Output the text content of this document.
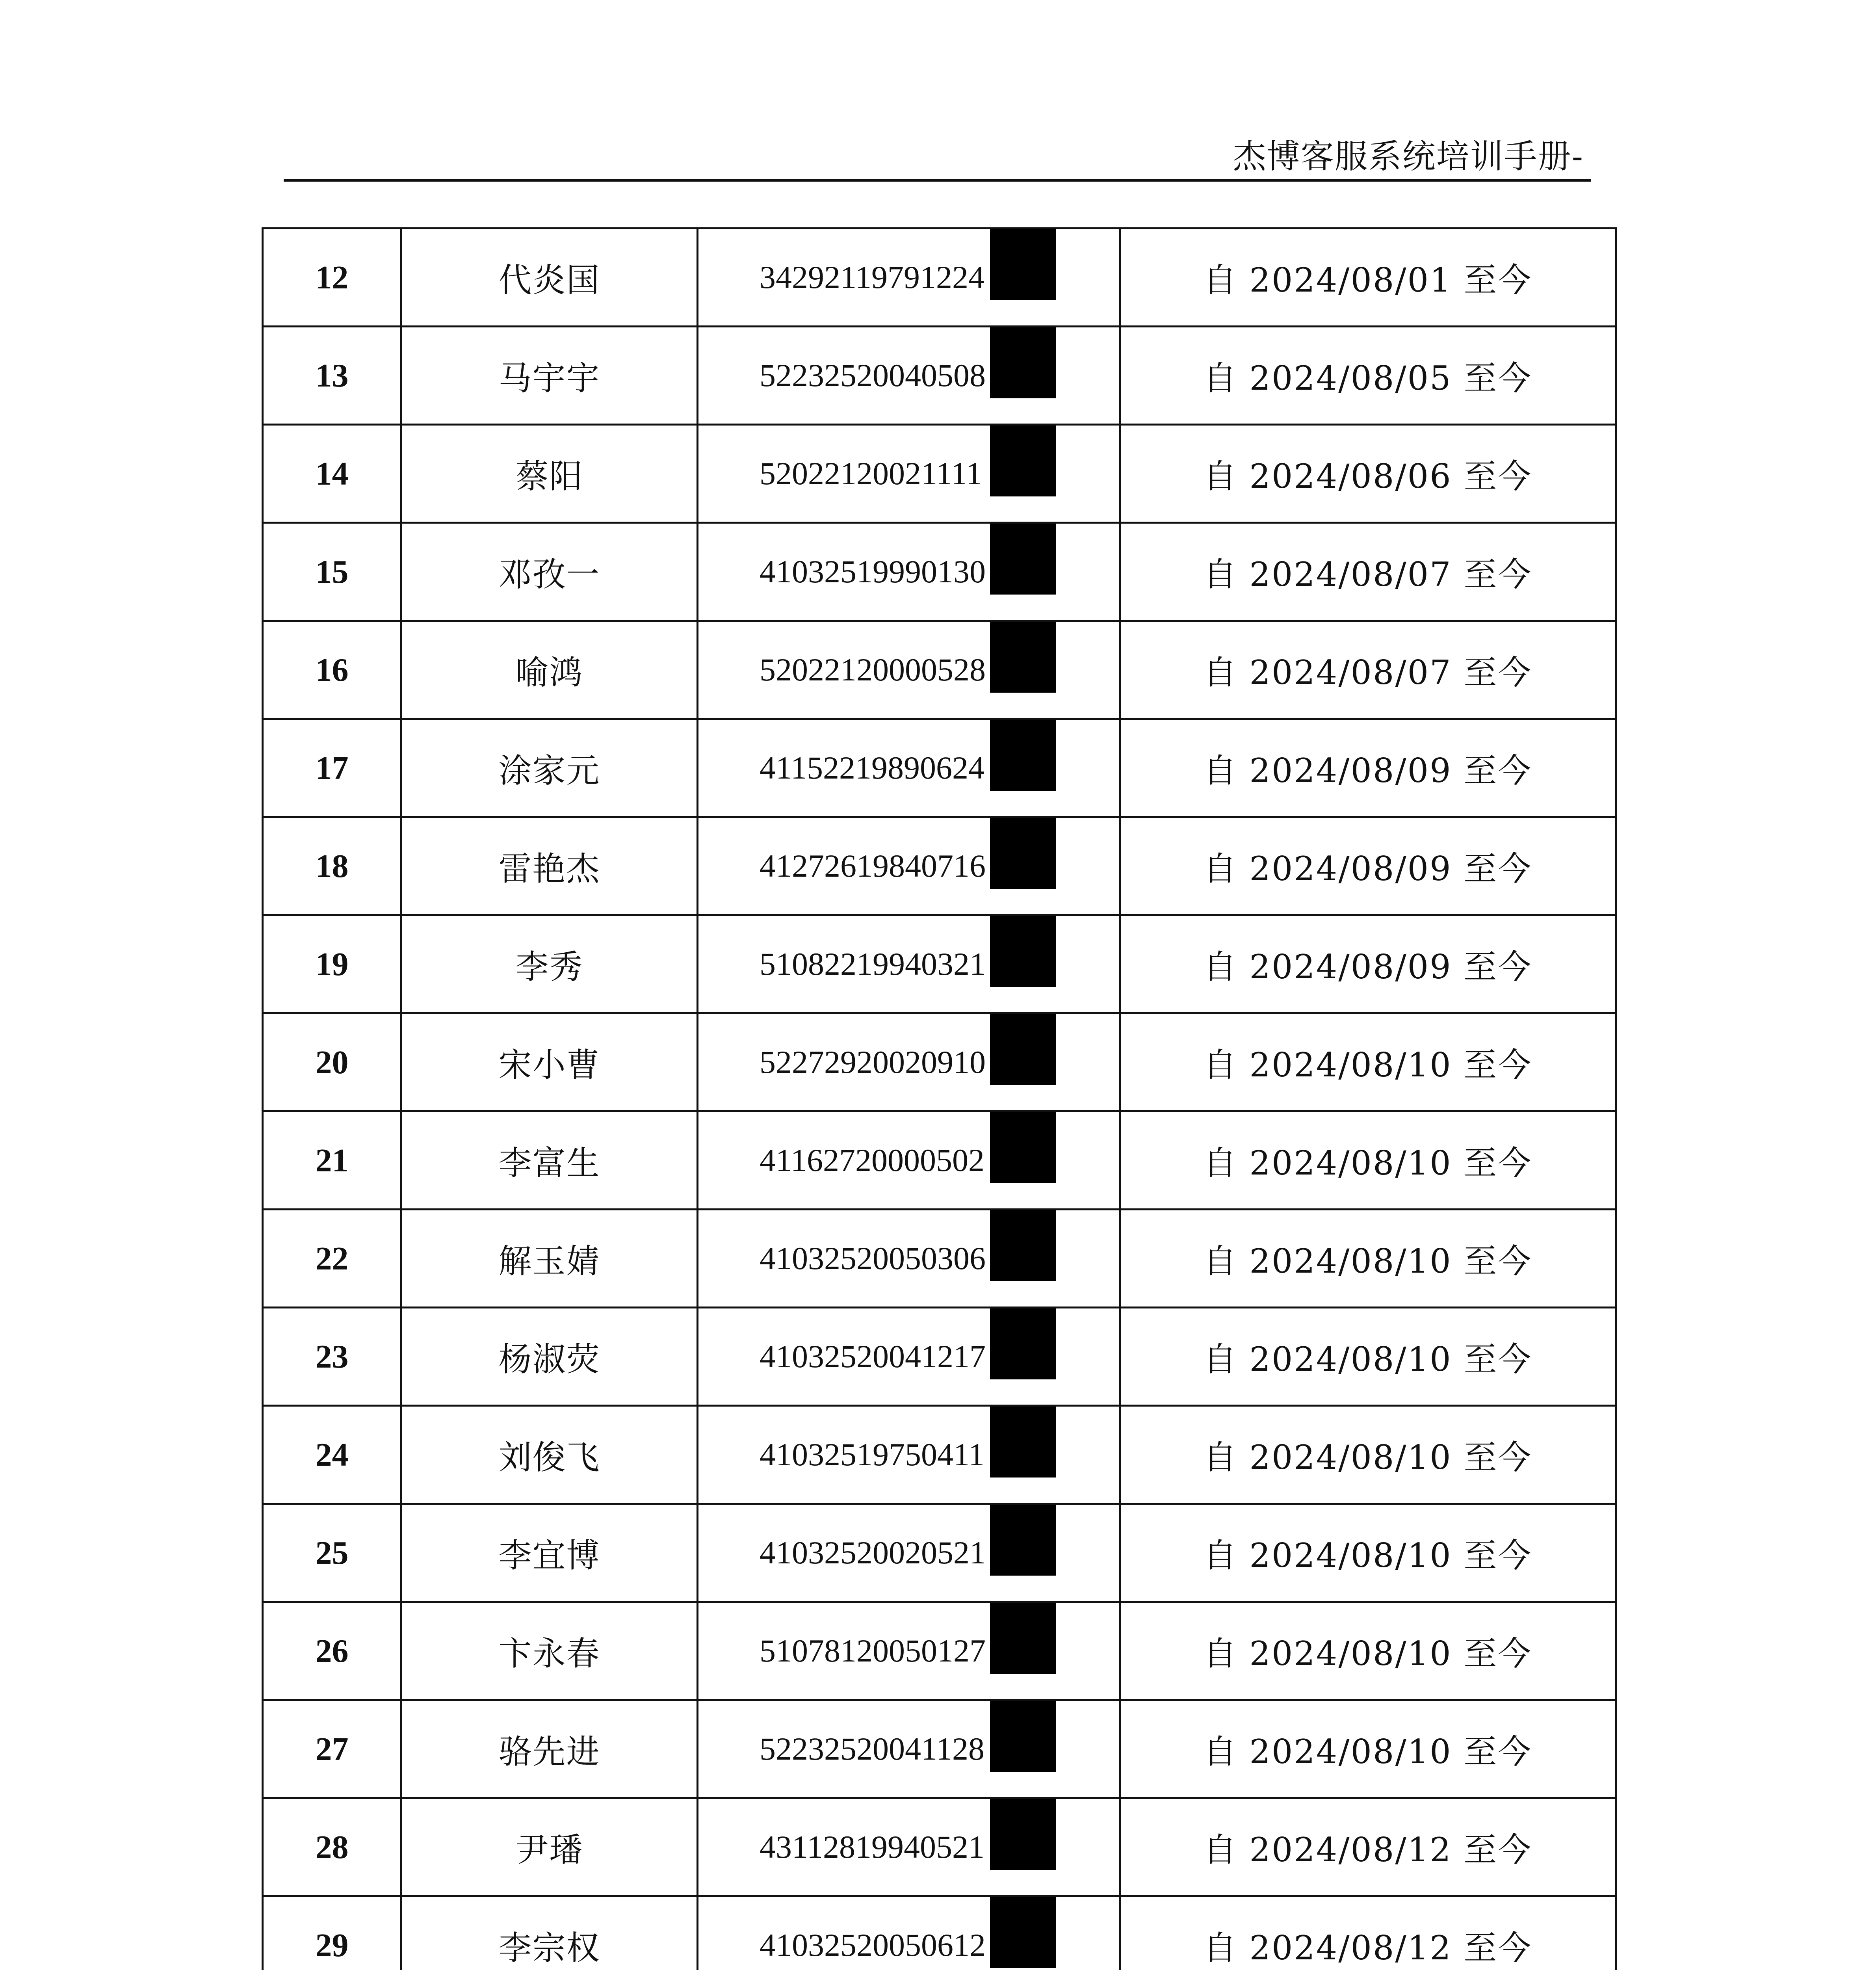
杰博客服系统培训手册-
12	代炎国	34292119791224		自 2024/08/01 至今
13	马宇宇	52232520040508		自 2024/08/05 至今
14	蔡阳	52022120021111		自 2024/08/06 至今
15	邓孜一	41032519990130		自 2024/08/07 至今
16	喻鸿	52022120000528		自 2024/08/07 至今
17	涂家元	41152219890624		自 2024/08/09 至今
18	雷艳杰	41272619840716		自 2024/08/09 至今
19	李秀	51082219940321		自 2024/08/09 至今
20	宋小曹	52272920020910		自 2024/08/10 至今
21	李富生	41162720000502		自 2024/08/10 至今
22	解玉婧	41032520050306		自 2024/08/10 至今
23	杨淑荧	41032520041217		自 2024/08/10 至今
24	刘俊飞	41032519750411		自 2024/08/10 至今
25	李宜博	41032520020521		自 2024/08/10 至今
26	卞永春	51078120050127		自 2024/08/10 至今
27	骆先进	52232520041128		自 2024/08/10 至今
28	尹璠	43112819940521		自 2024/08/12 至今
29	李宗权	41032520050612		自 2024/08/12 至今
